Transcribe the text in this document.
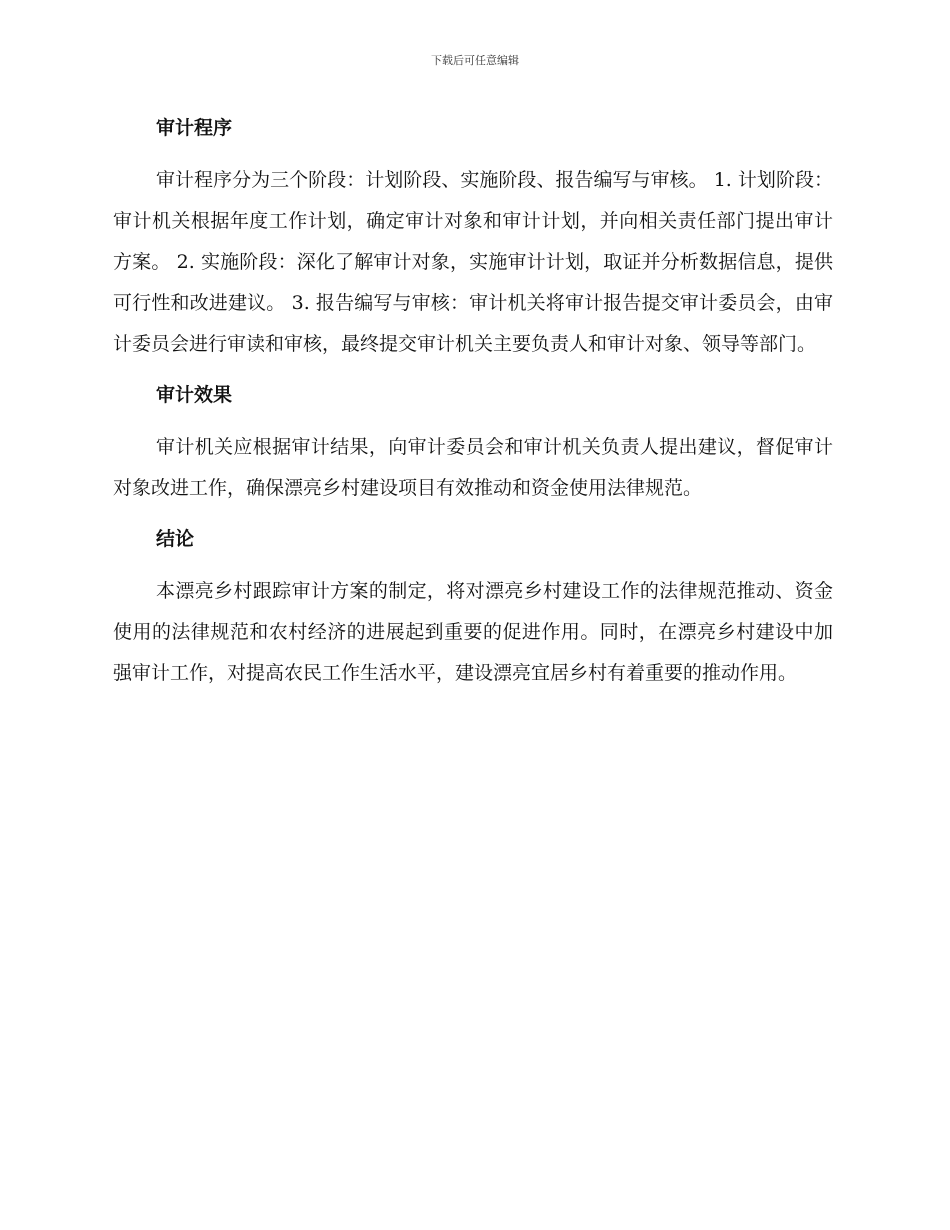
下载后可任意编辑
审计程序

审计程序分为三个阶段：计划阶段、实施阶段、报告编写与审核。 1. 计划阶段：审计机关根据年度工作计划，确定审计对象和审计计划，并向相关责任部门提出审计方案。 2. 实施阶段：深化了解审计对象，实施审计计划，取证并分析数据信息，提供可行性和改进建议。 3. 报告编写与审核：审计机关将审计报告提交审计委员会，由审计委员会进行审读和审核，最终提交审计机关主要负责人和审计对象、领导等部门。

审计效果

审计机关应根据审计结果，向审计委员会和审计机关负责人提出建议，督促审计对象改进工作，确保漂亮乡村建设项目有效推动和资金使用法律规范。

结论

本漂亮乡村跟踪审计方案的制定，将对漂亮乡村建设工作的法律规范推动、资金使用的法律规范和农村经济的进展起到重要的促进作用。同时，在漂亮乡村建设中加强审计工作，对提高农民工作生活水平，建设漂亮宜居乡村有着重要的推动作用。
